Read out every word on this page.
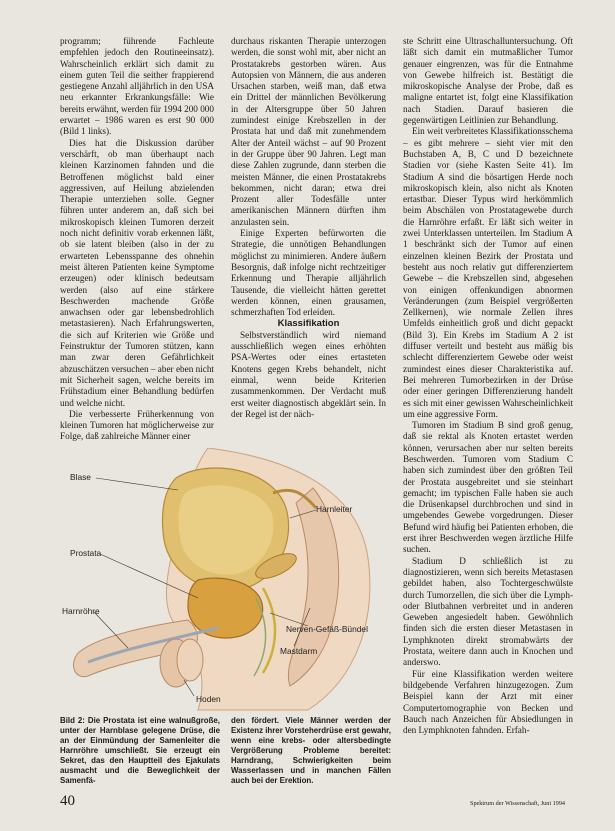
programm; führende Fachleute empfehlen jedoch den Routineeinsatz). Wahrscheinlich erklärt sich damit zu einem guten Teil die seither frappierend gestiegene Anzahl alljährlich in den USA neu erkannter Erkrankungsfälle: Wie bereits erwähnt, werden für 1994 200 000 erwartet – 1986 waren es erst 90 000 (Bild 1 links).

Dies hat die Diskussion darüber verschärft, ob man überhaupt nach kleinen Karzinomen fahnden und die Betroffenen möglichst bald einer aggressiven, auf Heilung abzielenden Therapie unterziehen solle. Gegner führen unter anderem an, daß sich bei mikroskopisch kleinen Tumoren derzeit noch nicht definitiv vorab erkennen läßt, ob sie latent bleiben (also in der zu erwarteten Lebensspanne des ohnehin meist älteren Patienten keine Symptome erzeugen) oder klinisch bedeutsam werden (also auf eine stärkere Beschwerden machende Größe anwachsen oder gar lebensbedrohlich metastasieren). Nach Erfahrungswerten, die sich auf Kriterien wie Größe und Feinstruktur der Tumoren stützen, kann man zwar deren Gefährlichkeit abzuschätzen versuchen – aber eben nicht mit Sicherheit sagen, welche bereits im Frühstadium einer Behandlung bedürfen und welche nicht.

Die verbesserte Früherkennung von kleinen Tumoren hat möglicherweise zur Folge, daß zahlreiche Männer einer

durchaus riskanten Therapie unterzogen werden, die sonst wohl mit, aber nicht an Prostatakrebs gestorben wären. Aus Autopsien von Männern, die aus anderen Ursachen starben, weiß man, daß etwa ein Drittel der männlichen Bevölkerung in der Altersgruppe über 50 Jahren zumindest einige Krebszellen in der Prostata hat und daß mit zunehmendem Alter der Anteil wächst – auf 90 Prozent in der Gruppe über 90 Jahren. Legt man diese Zahlen zugrunde, dann sterben die meisten Männer, die einen Prostatakrebs bekommen, nicht daran; etwa drei Prozent aller Todesfälle unter amerikanischen Männern dürften ihm anzulasten sein.

Einige Experten befürworten die Strategie, die unnötigen Behandlungen möglichst zu minimieren. Andere äußern Besorgnis, daß infolge nicht rechtzeitiger Erkennung und Therapie alljährlich Tausende, die vielleicht hätten gerettet werden können, einen grausamen, schmerzhaften Tod erleiden.

Klassifikation

Selbstverständlich wird niemand ausschließlich wegen eines erhöhten PSA-Wertes oder eines ertasteten Knotens gegen Krebs behandelt, nicht einmal, wenn beide Kriterien zusammenkommen. Der Verdacht muß erst weiter diagnostisch abgeklärt sein. In der Regel ist der näch-

ste Schritt eine Ultraschalluntersuchung. Oft läßt sich damit ein mutmaßlicher Tumor genauer eingrenzen, was für die Entnahme von Gewebe hilfreich ist. Bestätigt die mikroskopische Analyse der Probe, daß es maligne entartet ist, folgt eine Klassifikation nach Stadien. Darauf basieren die gegenwärtigen Leitlinien zur Behandlung.

Ein weit verbreitetes Klassifikationsschema – es gibt mehrere – sieht vier mit den Buchstaben A, B, C und D bezeichnete Stadien vor (siehe Kasten Seite 41). Im Stadium A sind die bösartigen Herde noch mikroskopisch klein, also nicht als Knoten ertastbar. Dieser Typus wird herkömmlich beim Abschälen von Prostatagewebe durch die Harnröhre erfaßt. Er läßt sich weiter in zwei Unterklassen unterteilen. Im Stadium A 1 beschränkt sich der Tumor auf einen einzelnen kleinen Bezirk der Prostata und besteht aus noch relativ gut differenziertem Gewebe – die Krebszellen sind, abgesehen von einigen offenkundigen abnormen Veränderungen (zum Beispiel vergrößerten Zellkernen), wie normale Zellen ihres Umfelds einheitlich groß und dicht gepackt (Bild 3). Ein Krebs im Stadium A 2 ist diffuser verteilt und besteht aus mäßig bis schlecht differenziertem Gewebe oder weist zumindest eines dieser Charakteristika auf. Bei mehreren Tumorbezirken in der Drüse oder einer geringen Differenzierung handelt es sich mit einer gewissen Wahrscheinlichkeit um eine aggressive Form.

Tumoren im Stadium B sind groß genug, daß sie rektal als Knoten ertastet werden können, verursachen aber nur selten bereits Beschwerden. Tumoren vom Stadium C haben sich zumindest über den größten Teil der Prostata ausgebreitet und sie steinhart gemacht; im typischen Falle haben sie auch die Drüsenkapsel durchbrochen und sind in umgebendes Gewebe vorgedrungen. Dieser Befund wird häufig bei Patienten erhoben, die erst ihrer Beschwerden wegen ärztliche Hilfe suchen.

Stadium D schließlich ist zu diagnostizieren, wenn sich bereits Metastasen gebildet haben, also Tochtergeschwülste durch Tumorzellen, die sich über die Lymph- oder Blutbahnen verbreitet und in anderen Geweben angesiedelt haben. Gewöhnlich finden sich die ersten dieser Metastasen in Lymphknoten direkt stromabwärts der Prostata, weitere dann auch in Knochen und anderswo.

Für eine Klassifikation werden weitere bildgebende Verfahren hinzugezogen. Zum Beispiel kann der Arzt mit einer Computertomographie von Becken und Bauch nach Anzeichen für Absiedlungen in den Lymphknoten fahnden. Erfah-

Blase
Harnleiter
Prostata
Harnröhre
Nerven-Gefäß-Bündel
Mastdarm
Hoden
Bild 2: Die Prostata ist eine walnußgroße, unter der Harnblase gelegene Drüse, die an der Einmündung der Samenleiter die Harnröhre umschließt. Sie erzeugt ein Sekret, das den Hauptteil des Ejakulats ausmacht und die Beweglichkeit der Samenfä-
den fördert. Viele Männer werden der Existenz ihrer Vorsteherdrüse erst gewahr, wenn eine krebs- oder altersbedingte Vergrößerung Probleme bereitet: Harndrang, Schwierigkeiten beim Wasserlassen und in manchen Fällen auch bei der Erektion.
40	Spektrum der Wissenschaft, Juni 1994
